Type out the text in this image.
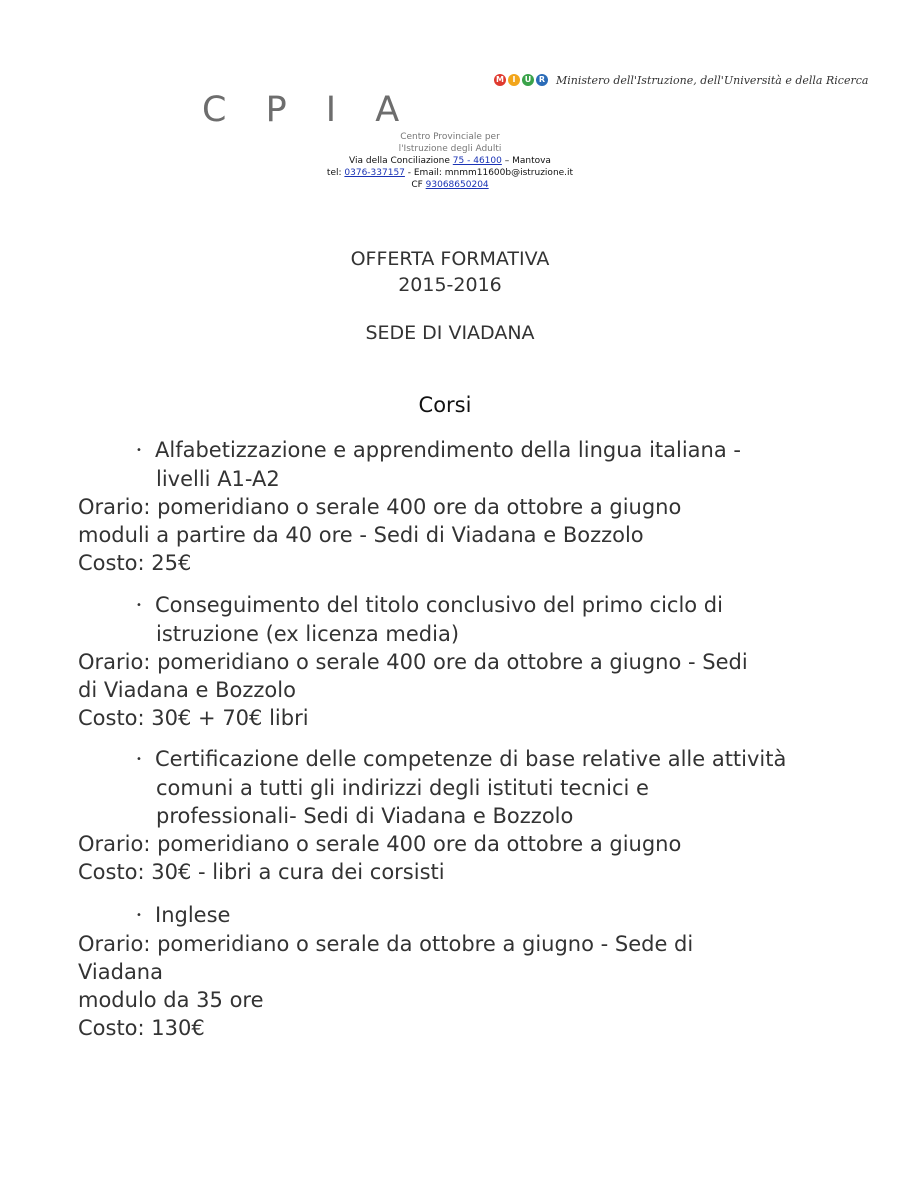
M	I	U R Ministero dell'Istruzione, dell'Università e della Ricerca
C P I A
Centro Provinciale per
l'Istruzione degli Adulti
Via della Conciliazione 75 - 46100 – Mantova
tel: 0376-337157 - Email: mnmm11600b@istruzione.it
CF 93068650204
OFFERTA FORMATIVA
2015-2016
SEDE DI VIADANA
Corsi
• Alfabetizzazione e apprendimento della lingua italiana -
livelli A1-A2
Orario: pomeridiano o serale 400 ore da ottobre a giugno
moduli a partire da 40 ore - Sedi di Viadana e Bozzolo
Costo: 25€
• Conseguimento del titolo conclusivo del primo ciclo di
istruzione (ex licenza media)
Orario: pomeridiano o serale 400 ore da ottobre a giugno - Sedi
di Viadana e Bozzolo
Costo: 30€ + 70€ libri
• Certificazione delle competenze di base relative alle attività
comuni a tutti gli indirizzi degli istituti tecnici e
professionali- Sedi di Viadana e Bozzolo
Orario: pomeridiano o serale 400 ore da ottobre a giugno
Costo: 30€ - libri a cura dei corsisti
• Inglese
Orario: pomeridiano o serale da ottobre a giugno - Sede di
Viadana
modulo da 35 ore
Costo: 130€
